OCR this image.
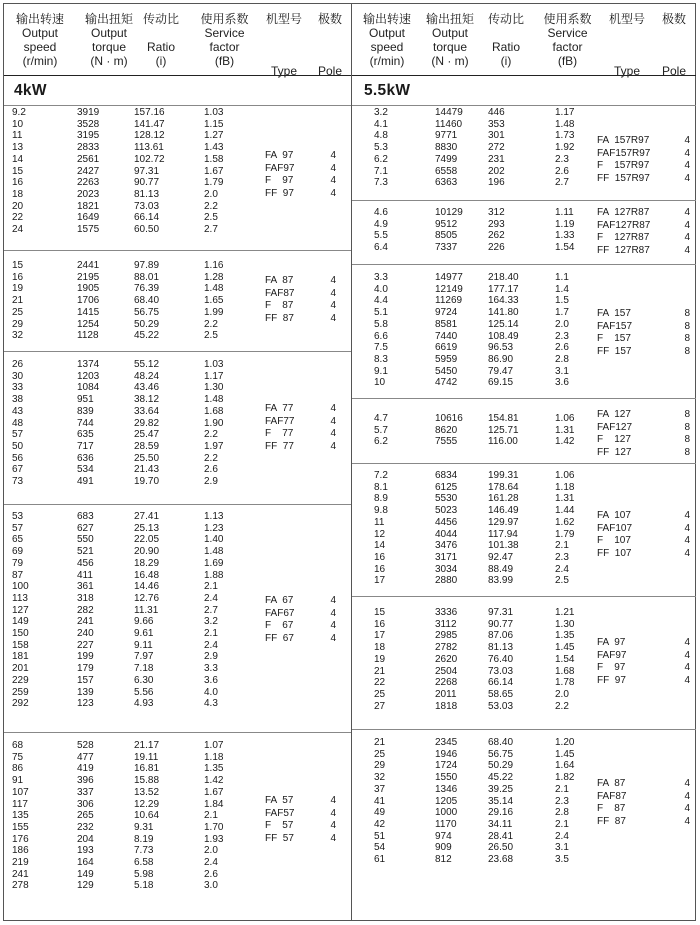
输出转速
Output
speed
(r/min)
输出扭矩
Output
torque
(N · m)
传动比

Ratio
(i)
使用系数
Service
factor
(fB)
机型号

Type
极数

Pole
4kW
9.2	3919	157.16	1.03
10	3528	141.47	1.15
11	3195	128.12	1.27
13	2833	113.61	1.43
14	2561	102.72	1.58
15	2427	97.31	1.67
16	2263	90.77	1.79
18	2023	81.13	2.0
20	1821	73.03	2.2
22	1649	66.14	2.5
24	1575	60.50	2.7
FA  97	4
FAF97	4
F    97	4
FF  97	4
15	2441	97.89	1.16
16	2195	88.01	1.28
19	1905	76.39	1.48
21	1706	68.40	1.65
25	1415	56.75	1.99
29	1254	50.29	2.2
32	1128	45.22	2.5
FA  87	4
FAF87	4
F    87	4
FF  87	4
26	1374	55.12	1.03
30	1203	48.24	1.17
33	1084	43.46	1.30
38	951	38.12	1.48
43	839	33.64	1.68
48	744	29.82	1.90
57	635	25.47	2.2
50	717	28.59	1.97
56	636	25.50	2.2
67	534	21.43	2.6
73	491	19.70	2.9
FA  77	4
FAF77	4
F    77	4
FF  77	4
53	683	27.41	1.13
57	627	25.13	1.23
65	550	22.05	1.40
69	521	20.90	1.48
79	456	18.29	1.69
87	411	16.48	1.88
100	361	14.46	2.1
113	318	12.76	2.4
127	282	11.31	2.7
149	241	9.66	3.2
150	240	9.61	2.1
158	227	9.11	2.4
181	199	7.97	2.9
201	179	7.18	3.3
229	157	6.30	3.6
259	139	5.56	4.0
292	123	4.93	4.3
FA  67	4
FAF67	4
F    67	4
FF  67	4
68	528	21.17	1.07
75	477	19.11	1.18
86	419	16.81	1.35
91	396	15.88	1.42
107	337	13.52	1.67
117	306	12.29	1.84
135	265	10.64	2.1
155	232	9.31	1.70
176	204	8.19	1.93
186	193	7.73	2.0
219	164	6.58	2.4
241	149	5.98	2.6
278	129	5.18	3.0
FA  57	4
FAF57	4
F    57	4
FF  57	4
输出转速
Output
speed
(r/min)
输出扭矩
Output
torque
(N · m)
传动比

Ratio
(i)
使用系数
Service
factor
(fB)
机型号

Type
极数

Pole
5.5kW
3.2	14479	446	1.17
4.1	11460	353	1.48
4.8	9771	301	1.73
5.3	8830	272	1.92
6.2	7499	231	2.3
7.1	6558	202	2.6
7.3	6363	196	2.7
FA  157R97	4
FAF157R97	4
F    157R97	4
FF  157R97	4
4.6	10129	312	1.11
4.9	9512	293	1.19
5.5	8505	262	1.33
6.4	7337	226	1.54
FA  127R87	4
FAF127R87	4
F    127R87	4
FF  127R87	4
3.3	14977	218.40	1.1
4.0	12149	177.17	1.4
4.4	11269	164.33	1.5
5.1	9724	141.80	1.7
5.8	8581	125.14	2.0
6.6	7440	108.49	2.3
7.5	6619	96.53	2.6
8.3	5959	86.90	2.8
9.1	5450	79.47	3.1
10	4742	69.15	3.6
FA  157	8
FAF157	8
F    157	8
FF  157	8
4.7	10616	154.81	1.06
5.7	8620	125.71	1.31
6.2	7555	116.00	1.42
FA  127	8
FAF127	8
F    127	8
FF  127	8
7.2	6834	199.31	1.06
8.1	6125	178.64	1.18
8.9	5530	161.28	1.31
9.8	5023	146.49	1.44
11	4456	129.97	1.62
12	4044	117.94	1.79
14	3476	101.38	2.1
16	3171	92.47	2.3
16	3034	88.49	2.4
17	2880	83.99	2.5
FA  107	4
FAF107	4
F    107	4
FF  107	4
15	3336	97.31	1.21
16	3112	90.77	1.30
17	2985	87.06	1.35
18	2782	81.13	1.45
19	2620	76.40	1.54
21	2504	73.03	1.68
22	2268	66.14	1.78
25	2011	58.65	2.0
27	1818	53.03	2.2
FA  97	4
FAF97	4
F    97	4
FF  97	4
21	2345	68.40	1.20
25	1946	56.75	1.45
29	1724	50.29	1.64
32	1550	45.22	1.82
37	1346	39.25	2.1
41	1205	35.14	2.3
49	1000	29.16	2.8
42	1170	34.11	2.1
51	974	28.41	2.4
54	909	26.50	3.1
61	812	23.68	3.5
FA  87	4
FAF87	4
F    87	4
FF  87	4
